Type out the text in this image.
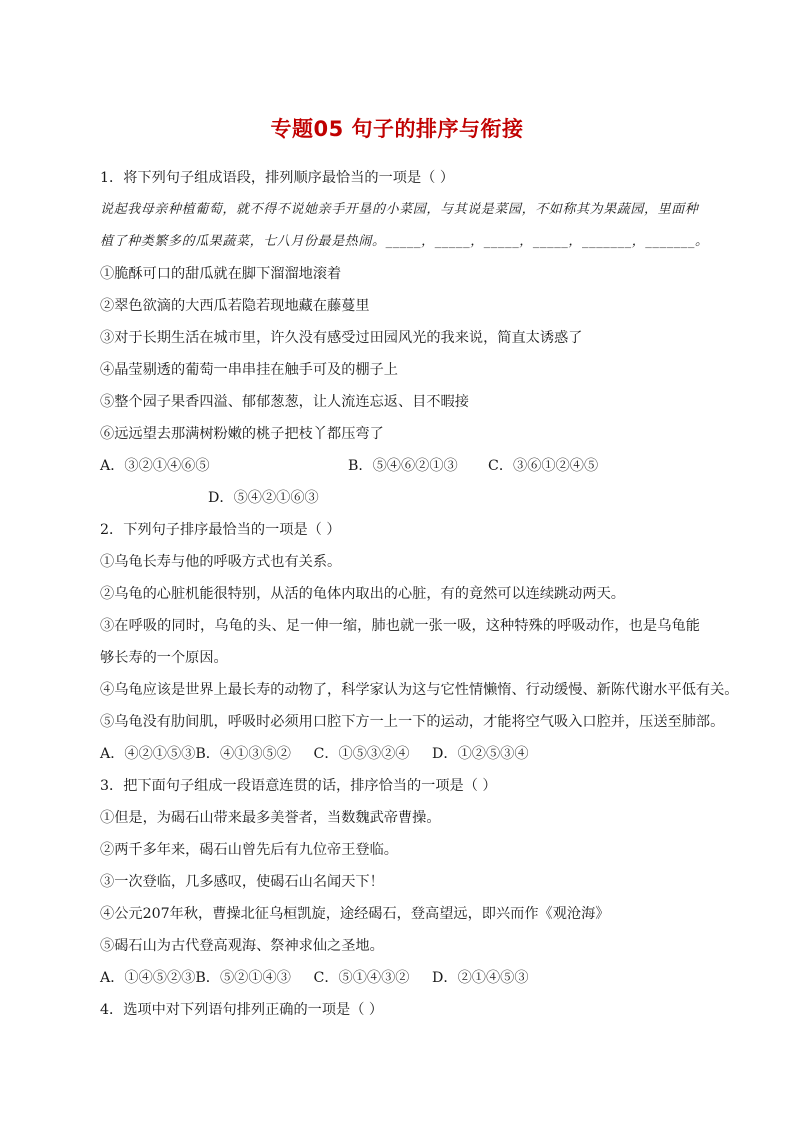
专题05 句子的排序与衔接
1．将下列句子组成语段，排列顺序最恰当的一项是（ ）
说起我母亲种植葡萄，就不得不说她亲手开垦的小菜园，与其说是菜园，不如称其为果蔬园，里面种
植了种类繁多的瓜果蔬菜，七八月份最是热闹。_____，_____，_____，_____，_______，_______。
①脆酥可口的甜瓜就在脚下溜溜地滚着
②翠色欲滴的大西瓜若隐若现地藏在藤蔓里
③对于长期生活在城市里，许久没有感受过田园风光的我来说，简直太诱惑了
④晶莹剔透的葡萄一串串挂在触手可及的棚子上
⑤整个园子果香四溢、郁郁葱葱，让人流连忘返、目不暇接
⑥远远望去那满树粉嫩的桃子把枝丫都压弯了
A．③②①④⑥⑤	B．⑤④⑥②①③ C．③⑥①②④⑤
D．⑤④②①⑥③
2．下列句子排序最恰当的一项是（ ）
①乌龟长寿与他的呼吸方式也有关系。
②乌龟的心脏机能很特别，从活的龟体内取出的心脏，有的竟然可以连续跳动两天。
③在呼吸的同时，乌龟的头、足一伸一缩，肺也就一张一吸，这种特殊的呼吸动作，也是乌龟能够长寿的一个原因。
④乌龟应该是世界上最长寿的动物了，科学家认为这与它性情懒惰、行动缓慢、新陈代谢水平低有关。
⑤乌龟没有肋间肌，呼吸时必须用口腔下方一上一下的运动，才能将空气吸入口腔并，压送至肺部。
A．④②①⑤③B．④①③⑤②     C．①⑤③②④     D．①②⑤③④
3．把下面句子组成一段语意连贯的话，排序恰当的一项是（ ）
①但是，为碣石山带来最多美誉者，当数魏武帝曹操。
②两千多年来，碣石山曾先后有九位帝王登临。
③一次登临，几多感叹，使碣石山名闻天下！
④公元207年秋，曹操北征乌桓凯旋，途经碣石，登高望远，即兴而作《观沧海》
⑤碣石山为古代登高观海、祭神求仙之圣地。
A．①④⑤②③B．⑤②①④③     C．⑤①④③②     D．②①④⑤③
4．选项中对下列语句排列正确的一项是（ ）
